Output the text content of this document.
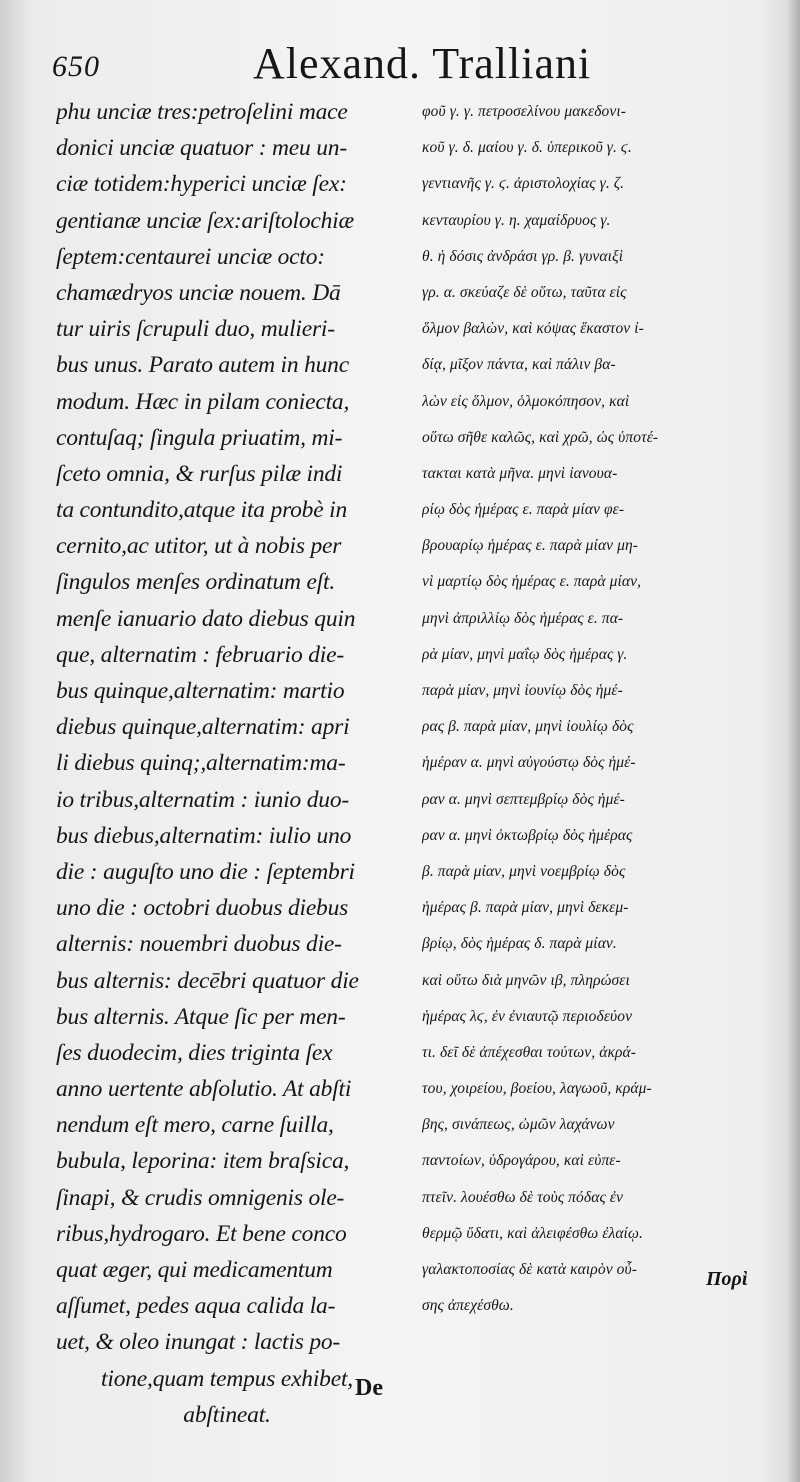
650	Alexand. Tralliani
phu unciæ tres:petroſelini mace
donici unciæ quatuor : meu un-
ciæ totidem:hyperici unciæ ſex:
gentianæ unciæ ſex:ariſtolochiæ
ſeptem:centaurei unciæ octo:
chamædryos unciæ nouem. Dā
tur uiris ſcrupuli duo, mulieri-
bus unus. Parato autem in hunc
modum. Hæc in pilam coniecta,
contuſaq; ſingula priuatim, mi-
ſceto omnia, & rurſus pilæ indi
ta contundito,atque ita probè in
cernito,ac utitor, ut à nobis per
ſingulos menſes ordinatum eſt.
menſe ianuario dato diebus quin
que, alternatim : februario die-
bus quinque,alternatim: martio
diebus quinque,alternatim: apri
li diebus quinq;,alternatim:ma-
io tribus,alternatim : iunio duo-
bus diebus,alternatim: iulio uno
die : auguſto uno die : ſeptembri
uno die : octobri duobus diebus
alternis: nouembri duobus die-
bus alternis: decēbri quatuor die
bus alternis. Atque ſic per men-
ſes duodecim, dies triginta ſex
anno uertente abſolutio. At abſti
nendum eſt mero, carne ſuilla,
bubula, leporina: item braſsica,
ſinapi, & crudis omnigenis ole-
ribus,hydrogaro. Et bene conco
quat æger, qui medicamentum
aſſumet, pedes aqua calida la-
uet, & oleo inungat : lactis po-
tione,quam tempus exhibet,
abſtineat.
φοῦ γ. γ. πετροσελίνου μακεδονι-
κοῦ γ. δ. μαίου γ. δ. ὑπερικοῦ γ. ϛ.
γεντιανῆς γ. ϛ. ἀριστολοχίας γ. ζ.
κενταυρίου γ. η. χαμαίδρυος γ.
θ. ἡ δόσις ἀνδράσι γρ. β. γυναιξὶ
γρ. α. σκεύαζε δὲ οὕτω, ταῦτα εἰς
ὅλμον βαλὼν, καὶ κόψας ἕκαστον ἰ-
δίᾳ, μῖξον πάντα, καὶ πάλιν βα-
λὼν εἰς ὅλμον, ὁλμοκόπησον, καὶ
οὕτω σῆθε καλῶς, καὶ χρῶ, ὡς ὑποτέ-
τακται κατὰ μῆνα. μηνὶ ἰανουα-
ρίῳ δὸς ἡμέρας ε. παρὰ μίαν φε-
βρουαρίῳ ἡμέρας ε. παρὰ μίαν μη-
νὶ μαρτίῳ δὸς ἡμέρας ε. παρὰ μίαν,
μηνὶ ἀπριλλίῳ δὸς ἡμέρας ε. πα-
ρὰ μίαν, μηνὶ μαΐῳ δὸς ἡμέρας γ.
παρὰ μίαν, μηνὶ ἰουνίῳ δὸς ἡμέ-
ρας β. παρὰ μίαν, μηνὶ ἰουλίῳ δὸς
ἡμέραν α. μηνὶ αὐγούστῳ δὸς ἡμέ-
ραν α. μηνὶ σεπτεμβρίῳ δὸς ἡμέ-
ραν α. μηνὶ ὀκτωβρίῳ δὸς ἡμέρας
β. παρὰ μίαν, μηνὶ νοεμβρίῳ δὸς
ἡμέρας β. παρὰ μίαν, μηνὶ δεκεμ-
βρίῳ, δὸς ἡμέρας δ. παρὰ μίαν.
καὶ οὕτω διὰ μηνῶν ιβ, πληρώσει
ἡμέρας λϛ, ἐν ἐνιαυτῷ περιοδεύον
τι. δεῖ δὲ ἀπέχεσθαι τούτων, ἀκρά-
του, χοιρείου, βοείου, λαγωοῦ, κράμ-
βης, σινάπεως, ὠμῶν λαχάνων
παντοίων, ὑδρογάρου, καὶ εὐπε-
πτεῖν. λουέσθω δὲ τοὺς πόδας ἐν
θερμῷ ὕδατι, καὶ ἀλειφέσθω ἐλαίῳ.
γαλακτοποσίας δὲ κατὰ καιρὸν οὖ-
σης ἀπεχέσθω.
Πορὶ
De
